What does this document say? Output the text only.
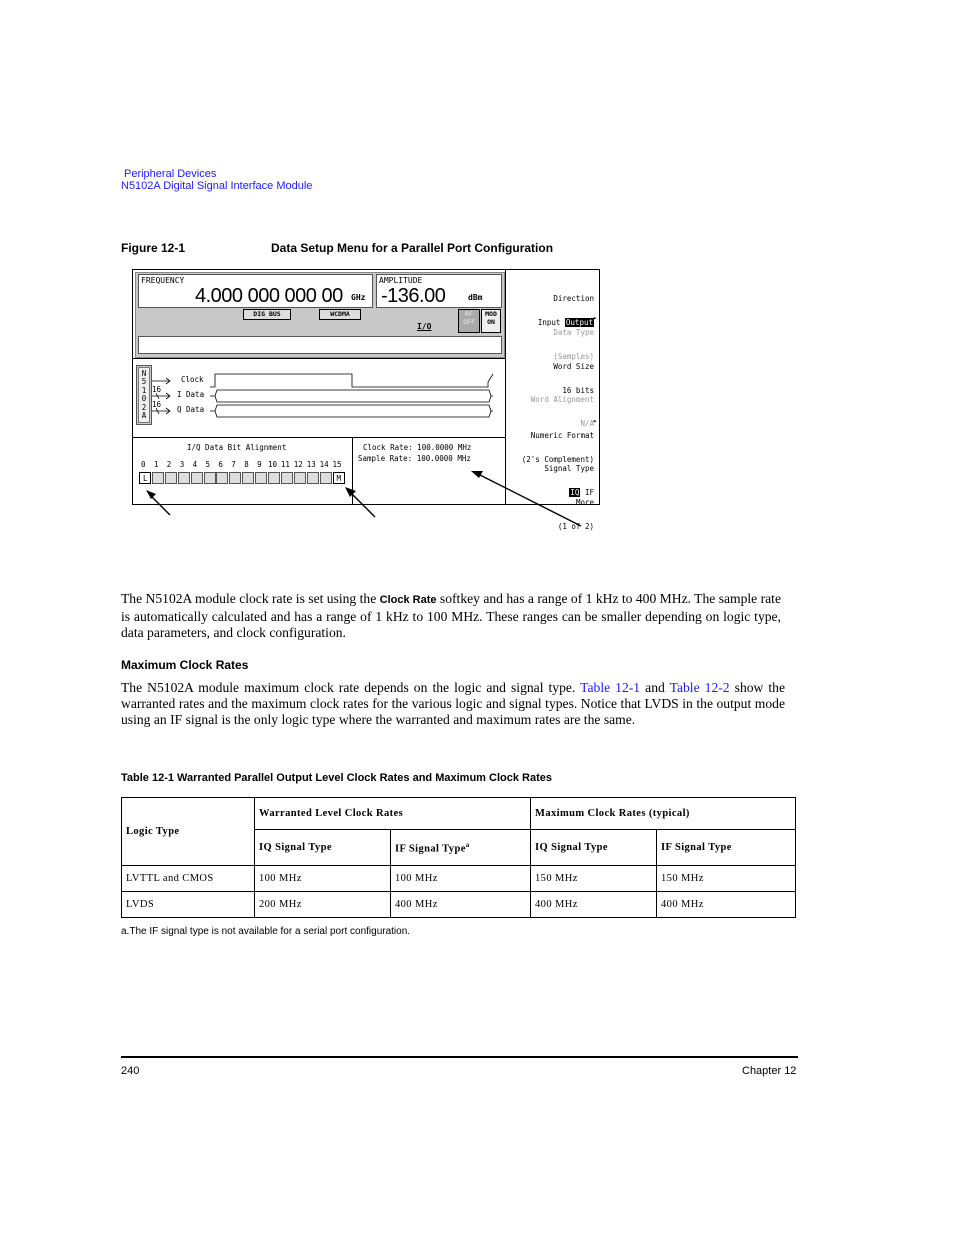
Peripheral Devices
N5102A Digital Signal Interface Module
Figure 12-1	Data Setup Menu for a Parallel Port Configuration
FREQUENCY
4.000 000 000 00 GHz
AMPLITUDE
-136.00	dBm
DIG BUS	WCDMA
I/O
RF
OFF
MOD
ON
N5102A
Clock
I Data
Q Data
16
16
I/Q Data Bit Alignment
0 1 2 3 4 5 6 7 8 9 10 11 12 13 14 15
L	M
Clock Rate: 100.0000 MHz
Sample Rate: 100.0000 MHz

Direction

Input Output

Data Type

(Samples)

Word Size

16 bits

Word Alignment

N/A

Numeric Format

(2's Complement)

Signal Type

IQ IF

More

(1 of 2)

▸

▸

The N5102A module clock rate is set using the Clock Rate softkey and has a range of 1 kHz to 400 MHz. The sample rate is automatically calculated and has a range of 1 kHz to 100 MHz. These ranges can be smaller depending on logic type, data parameters, and clock configuration.

Maximum Clock Rates

The N5102A module maximum clock rate depends on the logic and signal type. Table 12-1 and Table 12-2 show the warranted rates and the maximum clock rates for the various logic and signal types. Notice that LVDS in the output mode using an IF signal is the only logic type where the warranted and maximum rates are the same.

Table 12-1 Warranted Parallel Output Level Clock Rates and Maximum Clock Rates
Logic Type	Warranted Level Clock Rates		Maximum Clock Rates (typical)	
	IQ Signal Type	IF Signal Type$^a$	IQ Signal Type	IF Signal Type
LVTTL and CMOS	100 MHz	100 MHz	150 MHz	150 MHz
LVDS	200 MHz	400 MHz	400 MHz	400 MHz
a.The IF signal type is not available for a serial port configuration.
240	Chapter 12
